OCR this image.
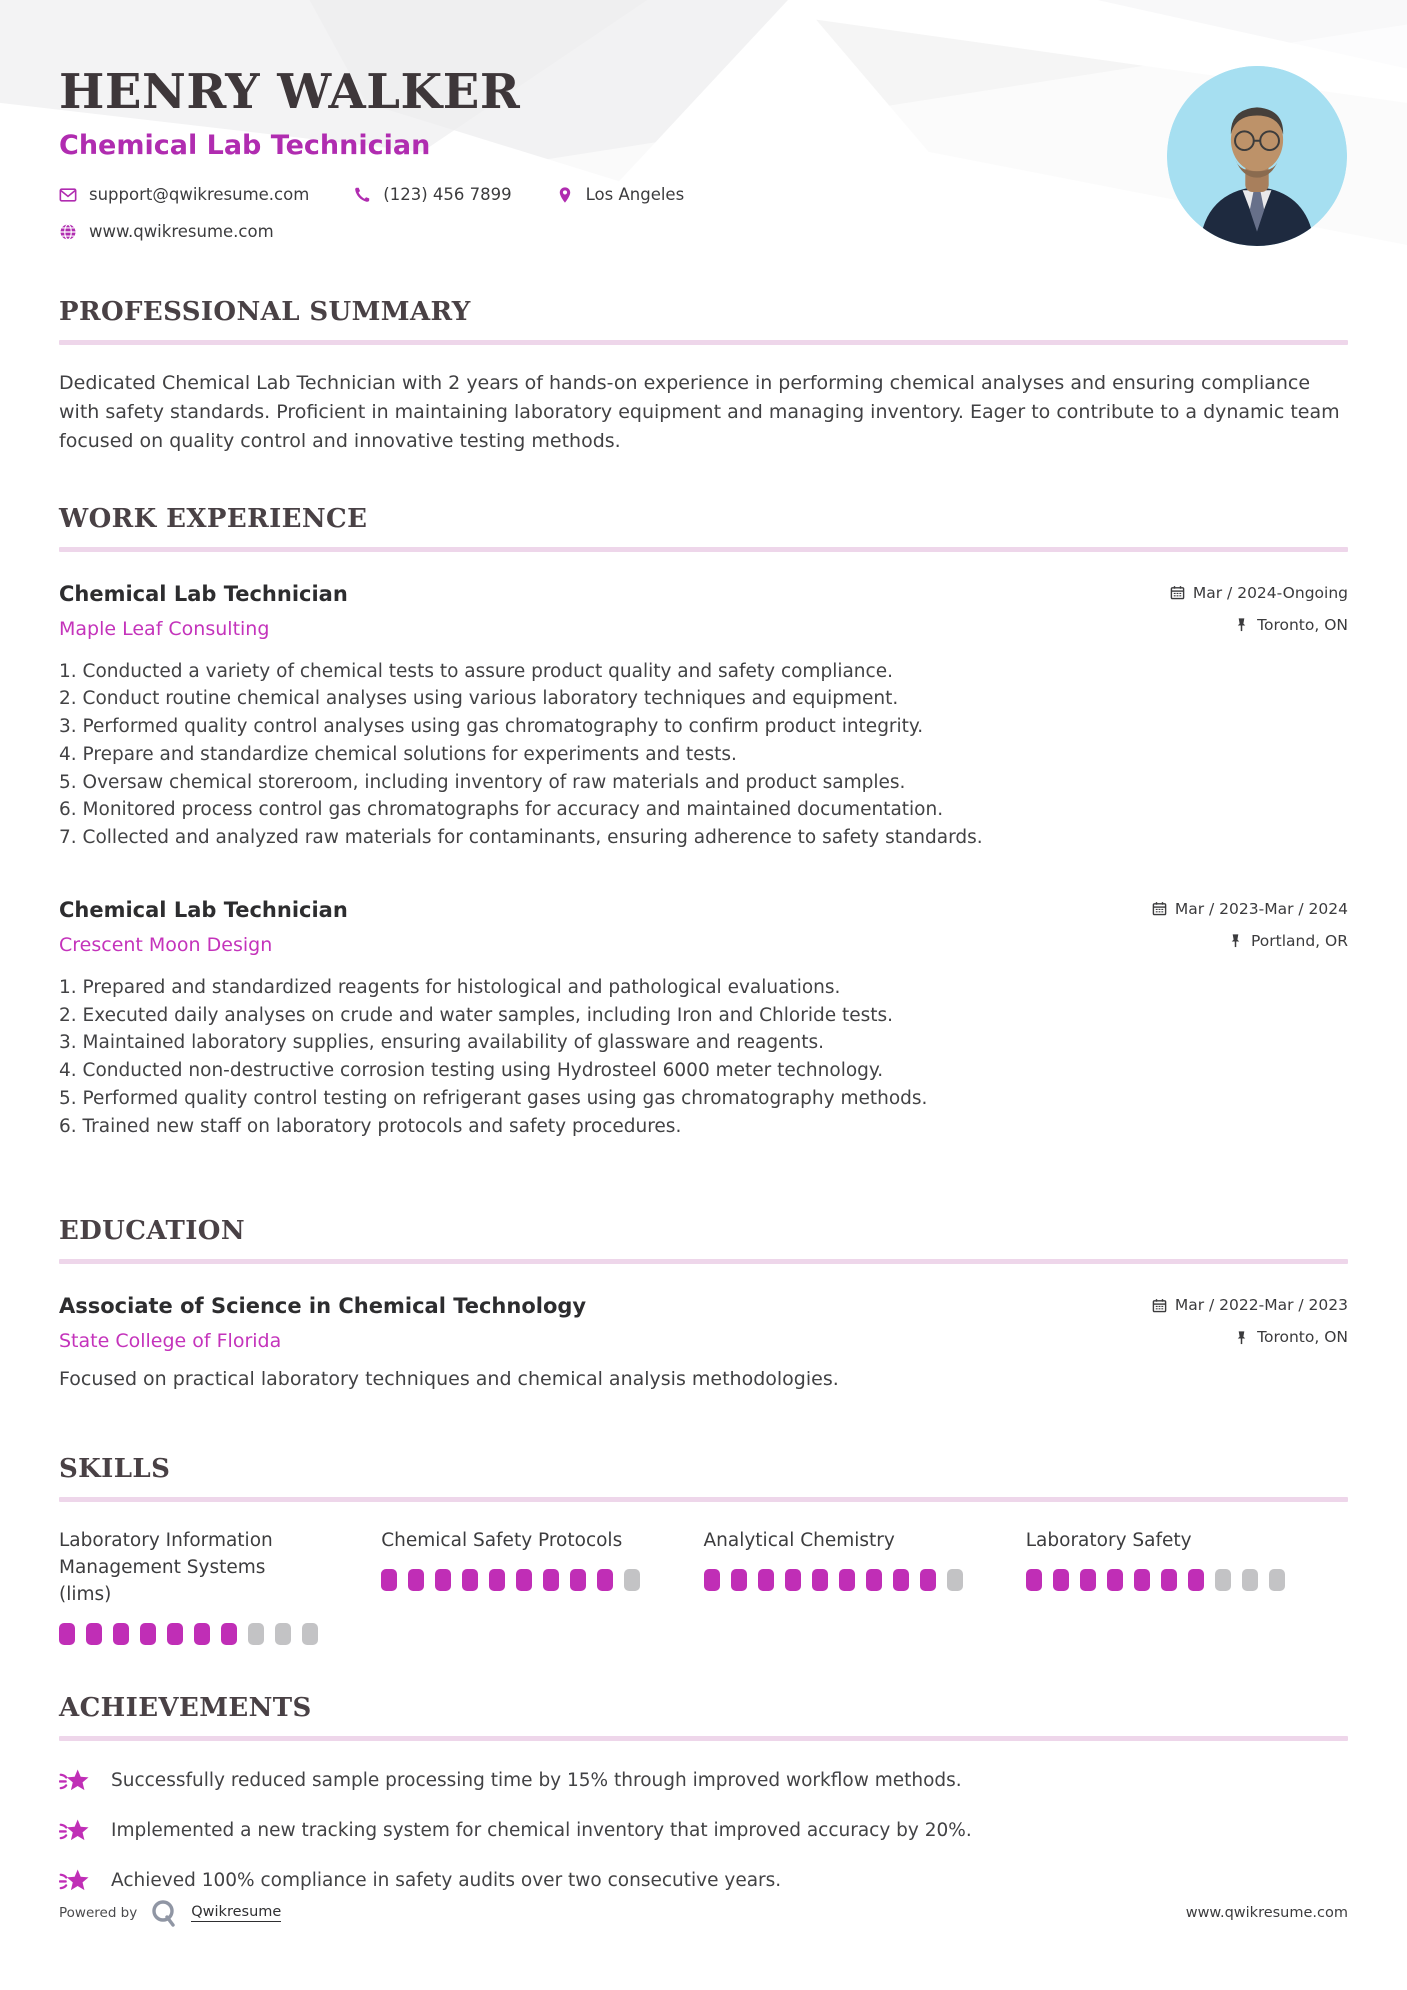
HENRY WALKER
Chemical Lab Technician
support@qwikresume.com	(123) 456 7899	Los Angeles
www.qwikresume.com
PROFESSIONAL SUMMARY

Dedicated Chemical Lab Technician with 2 years of hands-on experience in performing chemical analyses and ensuring compliance with safety standards. Proficient in maintaining laboratory equipment and managing inventory. Eager to contribute to a dynamic team focused on quality control and innovative testing methods.

WORK EXPERIENCE
Chemical Lab Technician
Maple Leaf Consulting
Mar / 2024-Ongoing
Toronto, ON
Conducted a variety of chemical tests to assure product quality and safety compliance.
Conduct routine chemical analyses using various laboratory techniques and equipment.
Performed quality control analyses using gas chromatography to confirm product integrity.
Prepare and standardize chemical solutions for experiments and tests.
Oversaw chemical storeroom, including inventory of raw materials and product samples.
Monitored process control gas chromatographs for accuracy and maintained documentation.
Collected and analyzed raw materials for contaminants, ensuring adherence to safety standards.
Chemical Lab Technician
Crescent Moon Design
Mar / 2023-Mar / 2024
Portland, OR
Prepared and standardized reagents for histological and pathological evaluations.
Executed daily analyses on crude and water samples, including Iron and Chloride tests.
Maintained laboratory supplies, ensuring availability of glassware and reagents.
Conducted non-destructive corrosion testing using Hydrosteel 6000 meter technology.
Performed quality control testing on refrigerant gases using gas chromatography methods.
Trained new staff on laboratory protocols and safety procedures.
EDUCATION
Associate of Science in Chemical Technology
State College of Florida
Mar / 2022-Mar / 2023
Toronto, ON

Focused on practical laboratory techniques and chemical analysis methodologies.

SKILLS
Laboratory Information Management Systems (lims)
Chemical Safety Protocols	Analytical Chemistry	Laboratory Safety
ACHIEVEMENTS
Successfully reduced sample processing time by 15% through improved workflow methods.
Implemented a new tracking system for chemical inventory that improved accuracy by 20%.
Achieved 100% compliance in safety audits over two consecutive years.
Powered by	Qwikresume	www.qwikresume.com
